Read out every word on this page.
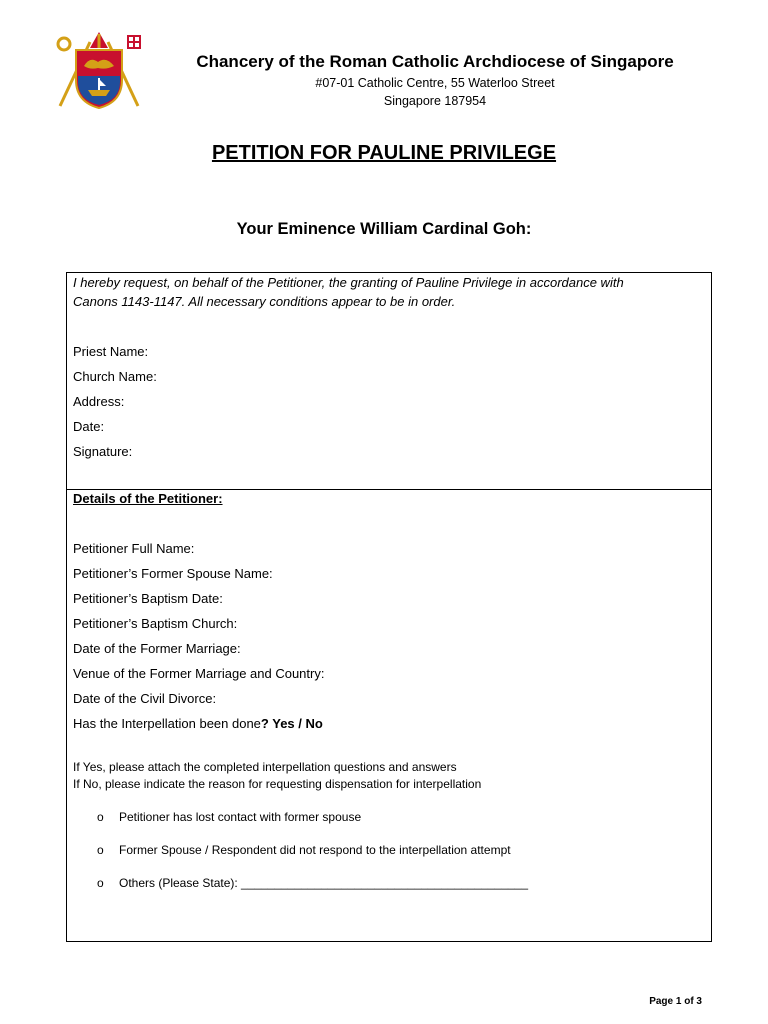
Chancery of the Roman Catholic Archdiocese of Singapore
#07-01 Catholic Centre, 55 Waterloo Street
Singapore 187954
PETITION FOR PAULINE PRIVILEGE
Your Eminence William Cardinal Goh:
I hereby request, on behalf of the Petitioner, the granting of Pauline Privilege in accordance with
Canons 1143-1147. All necessary conditions appear to be in order.
Priest Name:
Church Name:
Address:
Date:
Signature:
Details of the Petitioner:
Petitioner Full Name:
Petitioner’s Former Spouse Name:
Petitioner’s Baptism Date:
Petitioner’s Baptism Church:
Date of the Former Marriage:
Venue of the Former Marriage and Country:
Date of the Civil Divorce:
Has the Interpellation been done? Yes / No
If Yes, please attach the completed interpellation questions and answers
If No, please indicate the reason for requesting dispensation for interpellation
o Petitioner has lost contact with former spouse
o Former Spouse / Respondent did not respond to the interpellation attempt
o Others (Please State): ___________________________________________
Page 1 of 3
